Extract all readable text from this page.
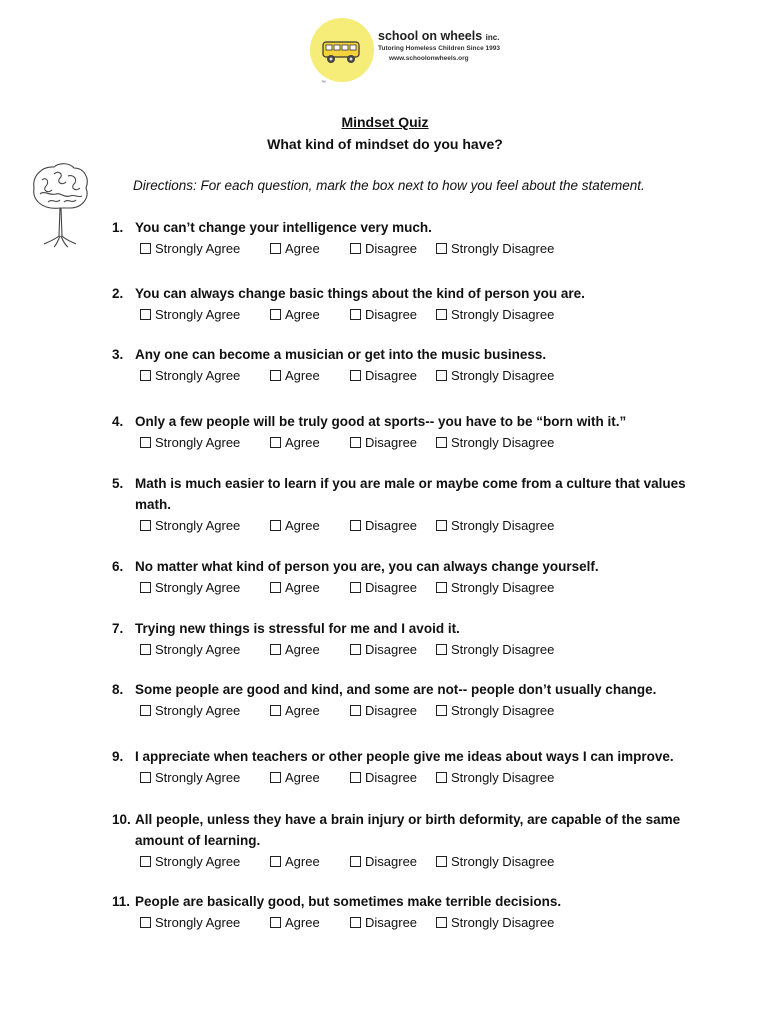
school on wheels inc.
Tutoring Homeless Children Since 1993
www.schoolonwheels.org
™
Mindset Quiz
What kind of mindset do you have?
Directions: For each question, mark the box next to how you feel about the statement.
1. You can’t change your intelligence very much.
Strongly Agree	Agree	Disagree	Strongly Disagree
2. You can always change basic things about the kind of person you are.
Strongly Agree	Agree	Disagree	Strongly Disagree
3. Any one can become a musician or get into the music business.
Strongly Agree	Agree	Disagree	Strongly Disagree
4. Only a few people will be truly good at sports-- you have to be “born with it.”
Strongly Agree	Agree	Disagree	Strongly Disagree
5. Math is much easier to learn if you are male or maybe come from a culture that values math.
Strongly Agree	Agree	Disagree	Strongly Disagree
6. No matter what kind of person you are, you can always change yourself.
Strongly Agree	Agree	Disagree	Strongly Disagree
7. Trying new things is stressful for me and I avoid it.
Strongly Agree	Agree	Disagree	Strongly Disagree
8. Some people are good and kind, and some are not-- people don’t usually change.
Strongly Agree	Agree	Disagree	Strongly Disagree
9. I appreciate when teachers or other people give me ideas about ways I can improve.
Strongly Agree	Agree	Disagree	Strongly Disagree
10. All people, unless they have a brain injury or birth deformity, are capable of the same amount of learning.
Strongly Agree	Agree	Disagree	Strongly Disagree
11. People are basically good, but sometimes make terrible decisions.
Strongly Agree	Agree	Disagree	Strongly Disagree
